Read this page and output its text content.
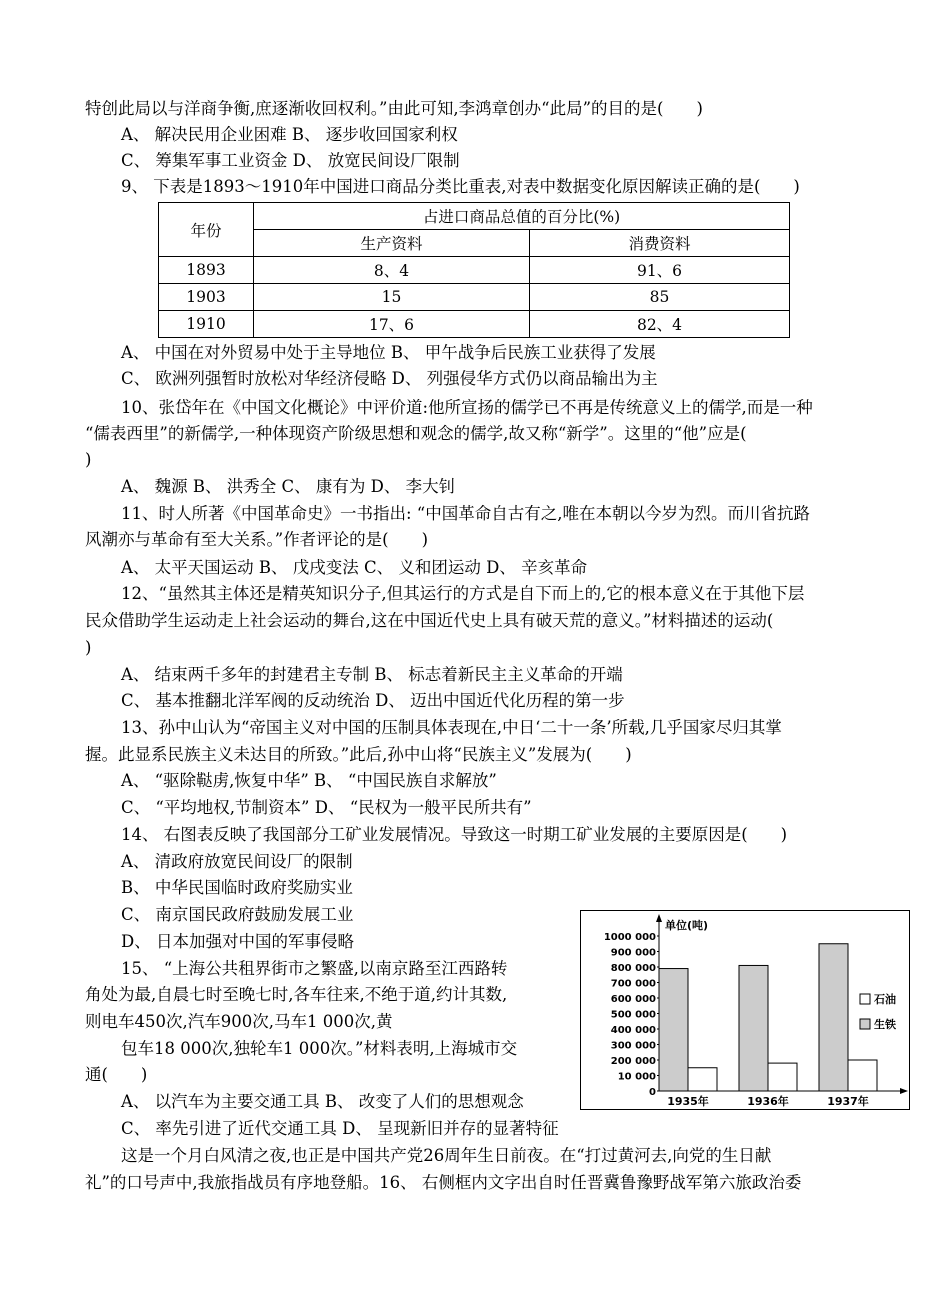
特创此局以与洋商争衡,庶逐渐收回权利。”由此可知,李鸿章创办“此局”的目的是(　　)
A、 解决民用企业困难 B、 逐步收回国家利权
C、 筹集军事工业资金 D、 放宽民间设厂限制
9、 下表是1893～1910年中国进口商品分类比重表,对表中数据变化原因解读正确的是(　　)
年份	占进口商品总值的百分比(%)	
	生产资料	消费资料
1893	8、4	91、6
1903	15	85
1910	17、6	82、4
A、 中国在对外贸易中处于主导地位 B、 甲午战争后民族工业获得了发展
C、 欧洲列强暂时放松对华经济侵略 D、 列强侵华方式仍以商品输出为主
10、张岱年在《中国文化概论》中评价道:他所宣扬的儒学已不再是传统意义上的儒学,而是一种
“儒表西里”的新儒学,一种体现资产阶级思想和观念的儒学,故又称“新学”。这里的“他”应是(
)
A、 魏源 B、 洪秀全 C、 康有为 D、 李大钊
11、时人所著《中国革命史》一书指出: “中国革命自古有之,唯在本朝以今岁为烈。而川省抗路
风潮亦与革命有至大关系。”作者评论的是(　　)
A、 太平天国运动 B、 戊戌变法 C、 义和团运动 D、 辛亥革命
12、“虽然其主体还是精英知识分子,但其运行的方式是自下而上的,它的根本意义在于其他下层
民众借助学生运动走上社会运动的舞台,这在中国近代史上具有破天荒的意义。”材料描述的运动(
)
A、 结束两千多年的封建君主专制 B、 标志着新民主主义革命的开端
C、 基本推翻北洋军阀的反动统治 D、 迈出中国近代化历程的第一步
13、孙中山认为“帝国主义对中国的压制具体表现在,中日‘二十一条’所载,几乎国家尽归其掌
握。此显系民族主义未达目的所致。”此后,孙中山将“民族主义”发展为(　　)
A、 “驱除鞑虏,恢复中华” B、 “中国民族自求解放”
C、 “平均地权,节制资本” D、 “民权为一般平民所共有”
14、 右图表反映了我国部分工矿业发展情况。导致这一时期工矿业发展的主要原因是(　　)
A、 清政府放宽民间设厂的限制
B、 中华民国临时政府奖励实业
C、 南京国民政府鼓励发展工业
D、 日本加强对中国的军事侵略
15、 “上海公共租界街市之繁盛,以南京路至江西路转
角处为最,自晨七时至晚七时,各车往来,不绝于道,约计其数,
则电车450次,汽车900次,马车1 000次,黄
包车18 000次,独轮车1 000次。”材料表明,上海城市交
通(　　)
A、 以汽车为主要交通工具 B、 改变了人们的思想观念
C、 率先引进了近代交通工具 D、 呈现新旧并存的显著特征
这是一个月白风清之夜,也正是中国共产党26周年生日前夜。在“打过黄河去,向党的生日献
礼”的口号声中,我旅指战员有序地登船。16、 右侧框内文字出自时任晋冀鲁豫野战军第六旅政治委
单位(吨)
1000 000
900 000
800 000
700 000
600 000
500 000
400 000
300 000
200 000
10 000
0
1935年	1936年	1937年
石油
生铁
